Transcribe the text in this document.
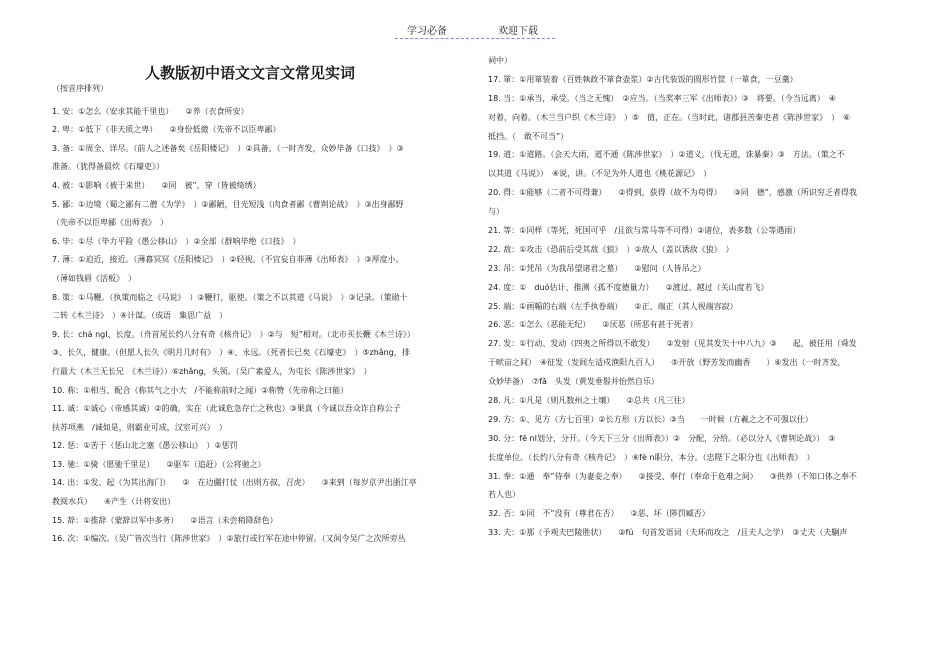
学习必备	欢迎下载
人教版初中语文文言文常见实词
（按音序排列）
1. 安：①怎么（安求其能千里也）　　②养（衣食所安）
2. 卑：①低下（非天质之卑）　　②身份低微（先帝不以臣卑鄙）
3. 备：①周全、详尽。（前人之述备矣《岳阳楼记》　）②具备。（一时齐发，众妙毕备《口技》　）③
准备。（犹得备晨炊《石壕吏》）
4. 被：①影响（被于来世）　　②同　被”，穿（皆被绮绣）
5. 鄙：①边境（蜀之鄙有二僧《为学》　）②鄙陋，目光短浅（肉食者鄙《曹刿论战》　）③出身鄙野
（先帝不以臣卑鄙《出师表》　）
6. 毕：①尽（毕力平险《愚公移山》　）②全部（群响毕绝《口技》　）
7. 薄：①迫近，接近。（薄暮冥冥《岳阳楼记》　）②轻视。（不宜妄自菲薄《出师表》　）③厚度小。
（薄如钱唇《活板》　）
8. 策：①马鞭。（执策而临之《马说》　）②鞭打，驱使。（策之不以其道《马说》　）③记录。（策勋十
二转《木兰诗》　）④计谋。（成语　集思广益　）
9. 长：chá ngⅠ、长度。（舟首尾长约八分有奇《核舟记》　）②与　短”相对。（北市买长鞭《木兰诗》）
③、长久，健康。（但愿人长久《明月几时有》　）④、永远。（死者长已矣《石壕吏》　）⑤zhǎng，排
行最大（木兰无长兄　《木兰诗》）⑥zhǎng，头领。（吴广素爱人，为屯长《陈涉世家》　）
10. 称：①相当、配合（称其气之小大　/不能称前时之闻）②称赞（先帝称之曰能）
11. 诚：①诚心（帝感其诚）②的确，实在（此诚危急存亡之秋也）③果真（今诚以吾众诈自称公子
扶苏项燕　/诚如是，则霸业可成，汉室可兴）　）
12. 惩：①苦于（惩山北之塞《愚公移山》　）②惩罚
13. 驰：①骑（愿驰千里足）　　②驱车（追赶）（公将驰之）
14. 出：①发、起（为其出海门）　　②　在边疆打仗（出则方叔，召虎）　　③来到（每岁京尹出浙江亭
教阅水兵）　　④产生（计将安出）
15. 辞：①推辞（蒙辞以军中多务）　　②语言（未尝稍降辞色）
16. 次：①编次。（吴广皆次当行《陈涉世家》　）②旅行或行军在途中停留。（又间令吴广之次所旁丛
祠中）
17. 箪：①用箪装着（百姓執政不箪食壶浆）②古代装饭的圆形竹筐（一箪食，一豆羹）
18. 当：①承当，承受。（当之无愧）　②应当。（当奖率三军《出师表》）③　将要。（今当远离）　④
对着，向着。（木兰当户织《木兰诗》　）⑤　值，正在。（当时此，诸郡县苦秦吏者《陈涉世家》　）　⑥
抵挡。（　敢不可当”）
19. 道：①道路。（会天大雨，道不通《陈涉世家》　）②道义。（伐无道，诛暴秦）③　方法。（策之不
以其道《马说》）　④说，讲。（不足为外人道也《桃花源记》　）
20. 得：①能够（二者不可得兼）　　②得到，获得（故不为苟得）　　③同　德”，感激（所识穷乏者得我
与）
21. 等：①同样（等死，死国可乎　/且欲与常马等不可得）②诸位，表多数（公等遇雨）
22. 敌：①攻击（恐前后受其敌《狼》　）②敌人（盖以诱敌《狼》　）
23. 吊：①凭吊（为我吊望诸君之墓）　　②慰问（人皆吊之）
24. 度：①　duó估计、推测（孤不度德量力）　　②渡过、越过（关山度若飞）
25. 端：①画幅的右端（左手执卷端）　　②正、端正（其人视端容寂）
26. 恶：①怎么（恶能无纪）　　②厌恶（所恶有甚于死者）
27. 发：①行动、发动（四夷之所得以不敢发）　　②发射（见其发矢十中八九）③　　起，被任用（舜发
于畎亩之间）　④征发（发闾左适戍渔阳九百人）　　⑤开放（野芳发而幽香　　）⑥发出（一时齐发，
众妙毕备）　⑦fǎ　头发（黄发垂髫并怡然自乐）
28. 凡：①凡是（则凡数州之土壤）　　②总共（凡三往）
29. 方：①、见方（方七百里）②长方形（方以长）③当　　一时候（方羲之之不可强以仕）
30. 分：fē nⅠ划分，分开。（今天下三分《出师表》）②　分配，分给。（必以分人《曹刿论战》）　③
长度单位。（长约八分有奇《核舟记》　）④fè n职分，本分。（忠陛下之职分也《出师表》　）
31. 奉：①通　奉”侍奉（为妻妾之奉）　　②接受、奉行（奉命于危难之间）　　③供养（不知口体之奉不
若人也）
32. 否：①同　不”没有（尊君在否）　　②恶、坏（陟罚臧否）
33. 夫：①那（予观夫巴陵胜状）　　②fú　句首发语词（夫环而攻之　/且夫人之学）　③丈夫（夫駉声
